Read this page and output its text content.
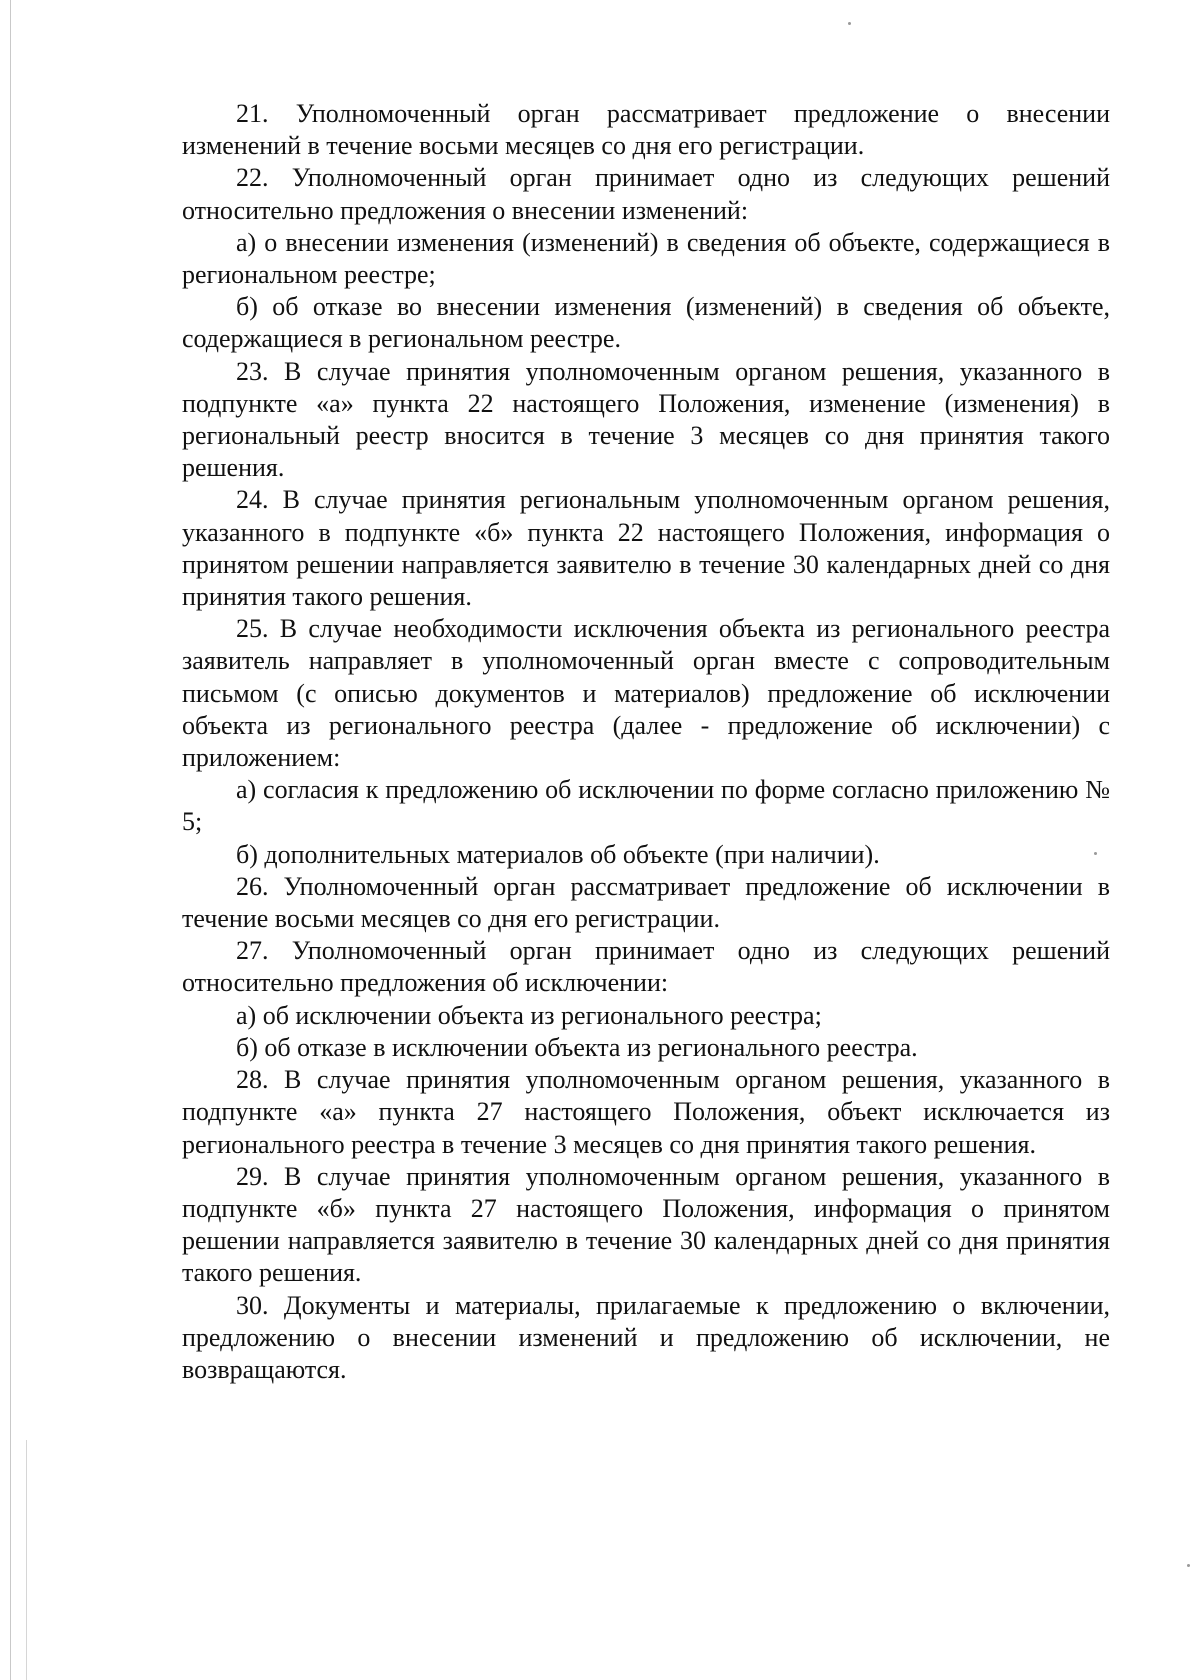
21. Уполномоченный орган рассматривает предложение о внесении изменений в течение восьми месяцев со дня его регистрации.

22. Уполномоченный орган принимает одно из следующих решений относительно предложения о внесении изменений:

а) о внесении изменения (изменений) в сведения об объекте, содержащиеся в региональном реестре;

б) об отказе во внесении изменения (изменений) в сведения об объекте, содержащиеся в региональном реестре.

23. В случае принятия уполномоченным органом решения, указанного в подпункте «а» пункта 22 настоящего Положения, изменение (изменения) в региональный реестр вносится в течение 3 месяцев со дня принятия такого решения.

24. В случае принятия региональным уполномоченным органом решения, указанного в подпункте «б» пункта 22 настоящего Положения, информация о принятом решении направляется заявителю в течение 30 календарных дней со дня принятия такого решения.

25. В случае необходимости исключения объекта из регионального реестра заявитель направляет в уполномоченный орган вместе с сопроводительным письмом (с описью документов и материалов) предложение об исключении объекта из регионального реестра (далее - предложение об исключении) с приложением:

а) согласия к предложению об исключении по форме согласно приложению № 5;

б) дополнительных материалов об объекте (при наличии).

26. Уполномоченный орган рассматривает предложение об исключении в течение восьми месяцев со дня его регистрации.

27. Уполномоченный орган принимает одно из следующих решений относительно предложения об исключении:

а) об исключении объекта из регионального реестра;

б) об отказе в исключении объекта из регионального реестра.

28. В случае принятия уполномоченным органом решения, указанного в подпункте «а» пункта 27 настоящего Положения, объект исключается из регионального реестра в течение 3 месяцев со дня принятия такого решения.

29. В случае принятия уполномоченным органом решения, указанного в подпункте «б» пункта 27 настоящего Положения, информация о принятом решении направляется заявителю в течение 30 календарных дней со дня принятия такого решения.

30. Документы и материалы, прилагаемые к предложению о включении, предложению о внесении изменений и предложению об исключении, не возвращаются.
